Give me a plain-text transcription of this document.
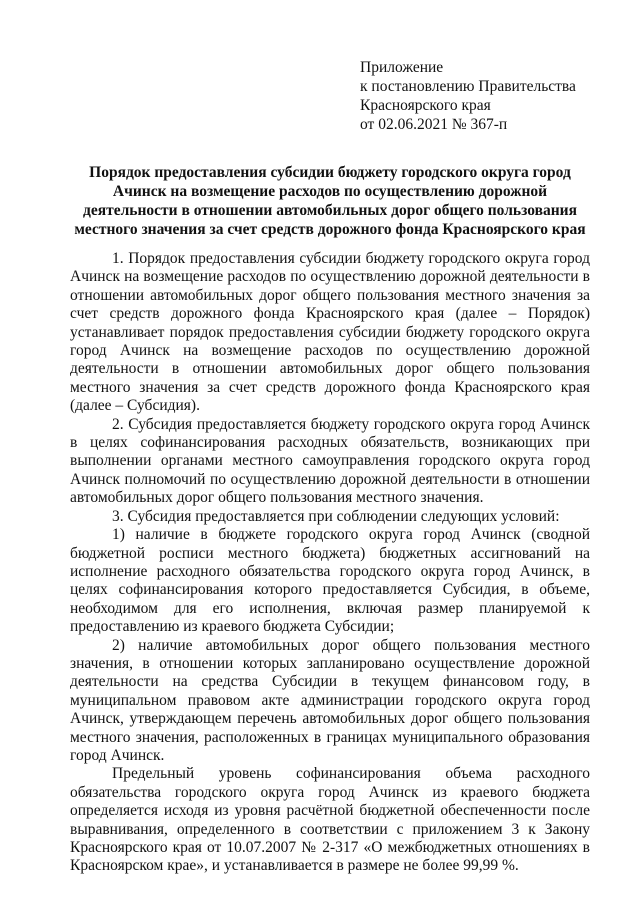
Приложение
к постановлению Правительства
Красноярского края
от 02.06.2021 № 367-п
Порядок предоставления субсидии бюджету городского округа город
Ачинск на возмещение расходов по осуществлению дорожной
деятельности в отношении автомобильных дорог общего пользования
местного значения за счет средств дорожного фонда Красноярского края

1. Порядок предоставления субсидии бюджету городского округа город Ачинск на возмещение расходов по осуществлению дорожной деятельности в отношении автомобильных дорог общего пользования местного значения за счет средств дорожного фонда Красноярского края (далее – Порядок) устанавливает порядок предоставления субсидии бюджету городского округа город Ачинск на возмещение расходов по осуществлению дорожной деятельности в отношении автомобильных дорог общего пользования местного значения за счет средств дорожного фонда Красноярского края (далее – Субсидия).

2. Субсидия предоставляется бюджету городского округа город Ачинск в целях софинансирования расходных обязательств, возникающих при выполнении органами местного самоуправления городского округа город Ачинск полномочий по осуществлению дорожной деятельности в отношении автомобильных дорог общего пользования местного значения.

3. Субсидия предоставляется при соблюдении следующих условий:

1) наличие в бюджете городского округа город Ачинск (сводной бюджетной росписи местного бюджета) бюджетных ассигнований на исполнение расходного обязательства городского округа город Ачинск, в целях софинансирования которого предоставляется Субсидия, в объеме, необходимом для его исполнения, включая размер планируемой к предоставлению из краевого бюджета Субсидии;

2) наличие автомобильных дорог общего пользования местного значения, в отношении которых запланировано осуществление дорожной деятельности на средства Субсидии в текущем финансовом году, в муниципальном правовом акте администрации городского округа город Ачинск, утверждающем перечень автомобильных дорог общего пользования местного значения, расположенных в границах муниципального образования город Ачинск.

Предельный уровень софинансирования объема расходного обязательства городского округа город Ачинск из краевого бюджета определяется исходя из уровня расчётной бюджетной обеспеченности после выравнивания, определенного в соответствии с приложением 3 к Закону Красноярского края от 10.07.2007 № 2-317 «О межбюджетных отношениях в Красноярском крае», и устанавливается в размере не более 99,99 %.
